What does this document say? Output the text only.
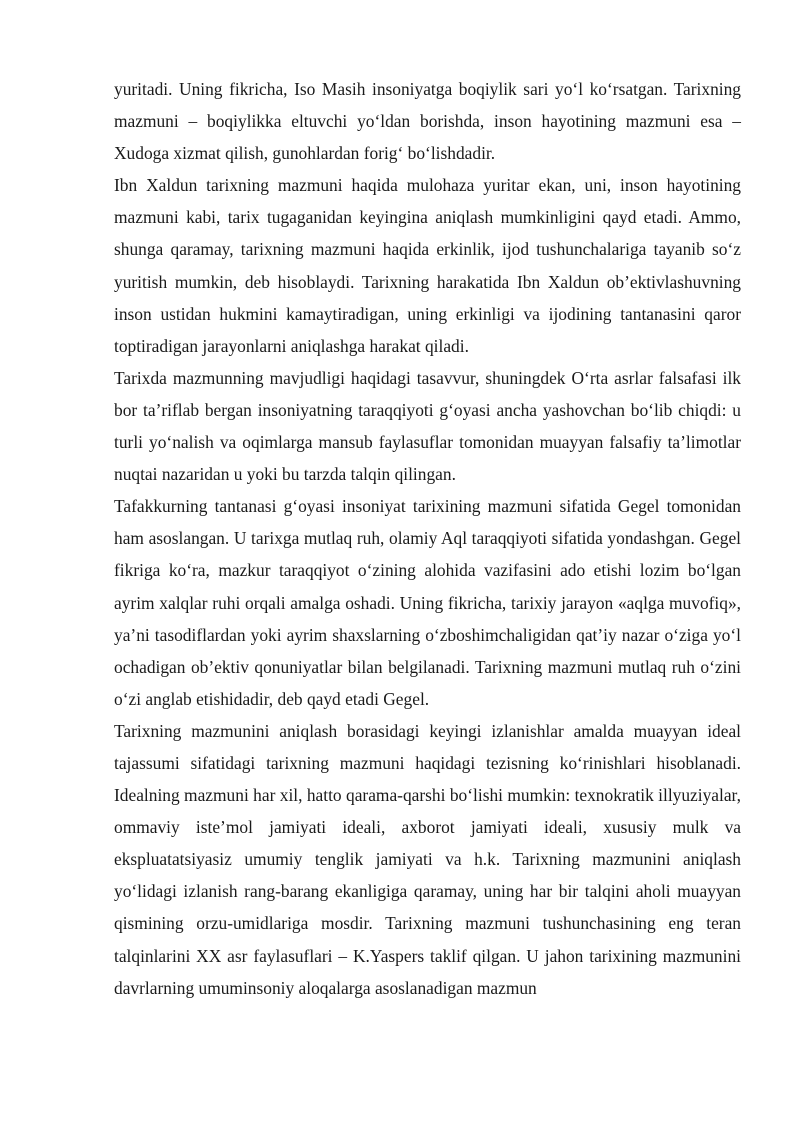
yuritadi. Uning fikricha, Iso Masih insoniyatga boqiylik sari yo‘l ko‘rsatgan. Tarixning mazmuni – boqiylikka eltuvchi yo‘ldan borishda, inson hayotining mazmuni esa – Xudoga xizmat qilish, gunohlardan forig‘ bo‘lishdadir.

Ibn Xaldun tarixning mazmuni haqida mulohaza yuritar ekan, uni, inson hayotining mazmuni kabi, tarix tugaganidan keyingina aniqlash mumkinligini qayd etadi. Ammo, shunga qaramay, tarixning mazmuni haqida erkinlik, ijod tushunchalariga tayanib so‘z yuritish mumkin, deb hisoblaydi. Tarixning harakatida Ibn Xaldun ob’ektivlashuvning inson ustidan hukmini kamaytiradigan, uning erkinligi va ijodining tantanasini qaror toptiradigan jarayonlarni aniqlashga harakat qiladi.

Tarixda mazmunning mavjudligi haqidagi tasavvur, shuningdek O‘rta asrlar falsafasi ilk bor ta’riflab bergan insoniyatning taraqqiyoti g‘oyasi ancha yashovchan bo‘lib chiqdi: u turli yo‘nalish va oqimlarga mansub faylasuflar tomonidan muayyan falsafiy ta’limotlar nuqtai nazaridan u yoki bu tarzda talqin qilingan.

Tafakkurning tantanasi g‘oyasi insoniyat tarixining mazmuni sifatida Gegel tomonidan ham asoslangan. U tarixga mutlaq ruh, olamiy Aql taraqqiyoti sifatida yondashgan. Gegel fikriga ko‘ra, mazkur taraqqiyot o‘zining alohida vazifasini ado etishi lozim bo‘lgan ayrim xalqlar ruhi orqali amalga oshadi. Uning fikricha, tarixiy jarayon «aqlga muvofiq», ya’ni tasodiflardan yoki ayrim shaxslarning o‘zboshimchaligidan qat’iy nazar o‘ziga yo‘l ochadigan ob’ektiv qonuniyatlar bilan belgilanadi. Tarixning mazmuni mutlaq ruh o‘zini o‘zi anglab etishidadir, deb qayd etadi Gegel.

Tarixning mazmunini aniqlash borasidagi keyingi izlanishlar amalda muayyan ideal tajassumi sifatidagi tarixning mazmuni haqidagi tezisning ko‘rinishlari hisoblanadi. Idealning mazmuni har xil, hatto qarama-qarshi bo‘lishi mumkin: texnokratik illyuziyalar, ommaviy iste’mol jamiyati ideali, axborot jamiyati ideali, xususiy mulk va ekspluatatsiyasiz umumiy tenglik jamiyati va h.k. Tarixning mazmunini aniqlash yo‘lidagi izlanish rang-barang ekanligiga qaramay, uning har bir talqini aholi muayyan qismining orzu-umidlariga mosdir. Tarixning mazmuni tushunchasining eng teran talqinlarini XX asr faylasuflari – K.Yaspers taklif qilgan. U jahon tarixining mazmunini davrlarning umuminsoniy aloqalarga asoslanadigan mazmun
